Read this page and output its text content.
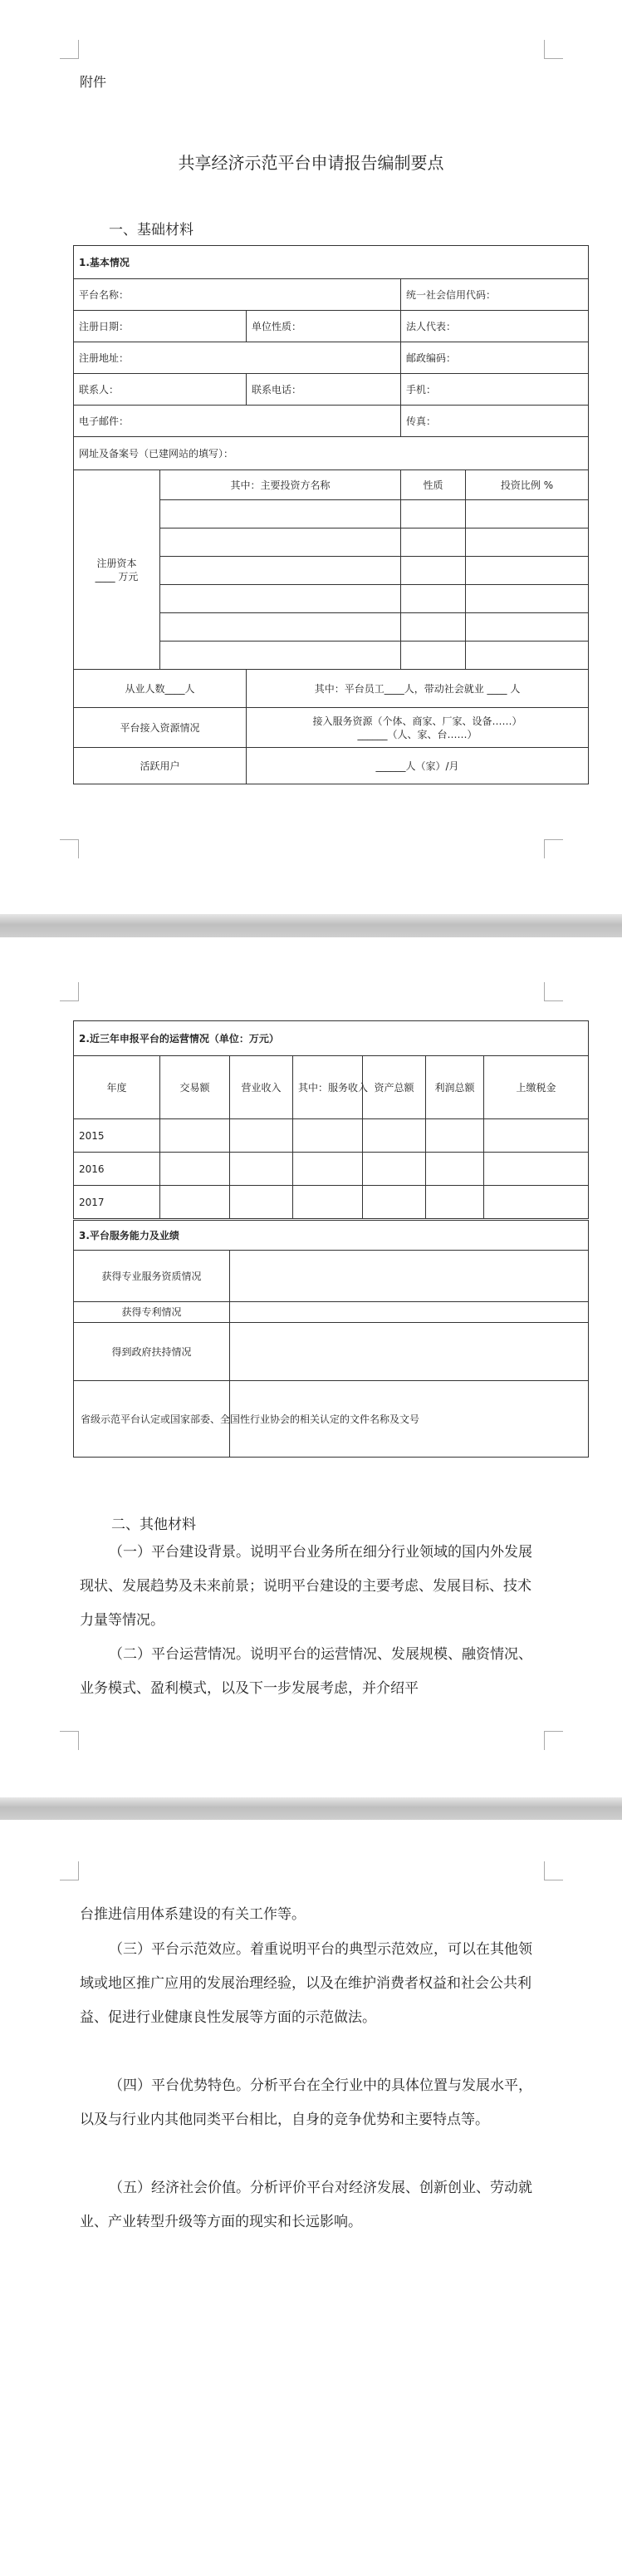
附件
共享经济示范平台申请报告编制要点
一、基础材料
1.基本情况				
平台名称：			统一社会信用代码：	
注册日期：		单位性质：	法人代表：	
注册地址：			邮政编码：	
联系人：		联系电话：	手机：	
电子邮件：			传真：	
网址及备案号（已建网站的填写）：				

注册资本
____ 万元	其中：主要投资方名称		性质	投资比例 %

从业人数____人		其中：平台员工____人，带动社会就业 ____ 人		
平台接入资源情况		接入服务资源（个体、商家、厂家、设备……）
______（人、家、台……）		

活跃用户		______人（家）/月		
2.近三年申报平台的运营情况（单位：万元）						
年度	交易额	营业收入	其中：服务收入	资产总额	利润总额	上缴税金
2015						
2016						
2017						
3.平台服务能力及业绩	
获得专业服务资质情况	
获得专利情况	
得到政府扶持情况	
省级示范平台认定或国家部委、全国性行业协会的相关认定的文件名称及文号	
二、其他材料
（一）平台建设背景。说明平台业务所在细分行业领域的国内外发展现状、发展趋势及未来前景；说明平台建设的主要考虑、发展目标、技术力量等情况。
（二）平台运营情况。说明平台的运营情况、发展规模、融资情况、业务模式、盈利模式，以及下一步发展考虑，并介绍平
台推进信用体系建设的有关工作等。
（三）平台示范效应。着重说明平台的典型示范效应，可以在其他领域或地区推广应用的发展治理经验，以及在维护消费者权益和社会公共利益、促进行业健康良性发展等方面的示范做法。
（四）平台优势特色。分析平台在全行业中的具体位置与发展水平，以及与行业内其他同类平台相比，自身的竞争优势和主要特点等。
（五）经济社会价值。分析评价平台对经济发展、创新创业、劳动就业、产业转型升级等方面的现实和长远影响。
